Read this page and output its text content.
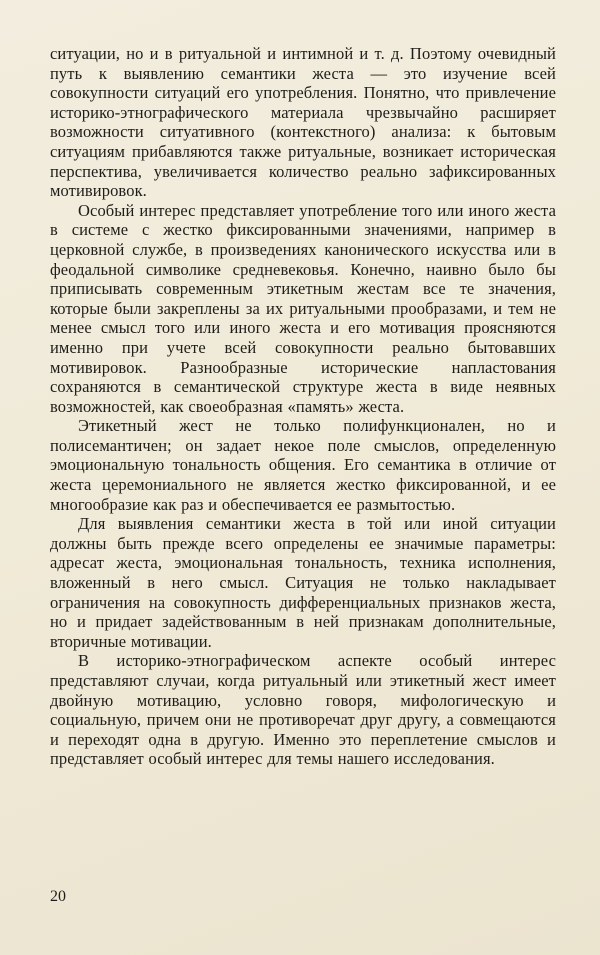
ситуации, но и в ритуальной и интимной и т. д. Поэтому очевидный путь к выявлению семантики жеста — это изучение всей совокупности ситуаций его употребления. Понятно, что привлечение историко-этнографического материала чрезвычайно расширяет возможности ситуативного (контекстного) анализа: к бытовым ситуациям прибавляются также ритуальные, возникает историческая перспектива, увеличивается количество реально зафиксированных мотивировок.

Особый интерес представляет употребление того или иного жеста в системе с жестко фиксированными значениями, например в церковной службе, в произведениях канонического искусства или в феодальной символике средневековья. Конечно, наивно было бы приписывать современным этикетным жестам все те значения, которые были закреплены за их ритуальными прообразами, и тем не менее смысл того или иного жеста и его мотивация проясняются именно при учете всей совокупности реально бытовавших мотивировок. Разнообразные исторические напластования сохраняются в семантической структуре жеста в виде неявных возможностей, как своеобразная «память» жеста.

Этикетный жест не только полифункционален, но и полисемантичен; он задает некое поле смыслов, определенную эмоциональную тональность общения. Его семантика в отличие от жеста церемониального не является жестко фиксированной, и ее многообразие как раз и обеспечивается ее размытостью.

Для выявления семантики жеста в той или иной ситуации должны быть прежде всего определены ее значимые параметры: адресат жеста, эмоциональная тональность, техника исполнения, вложенный в него смысл. Ситуация не только накладывает ограничения на совокупность дифференциальных признаков жеста, но и придает задействованным в ней признакам дополнительные, вторичные мотивации.

В историко-этнографическом аспекте особый интерес представляют случаи, когда ритуальный или этикетный жест имеет двойную мотивацию, условно говоря, мифологическую и социальную, причем они не противоречат друг другу, а совмещаются и переходят одна в другую. Именно это переплетение смыслов и представляет особый интерес для темы нашего исследования.

20
